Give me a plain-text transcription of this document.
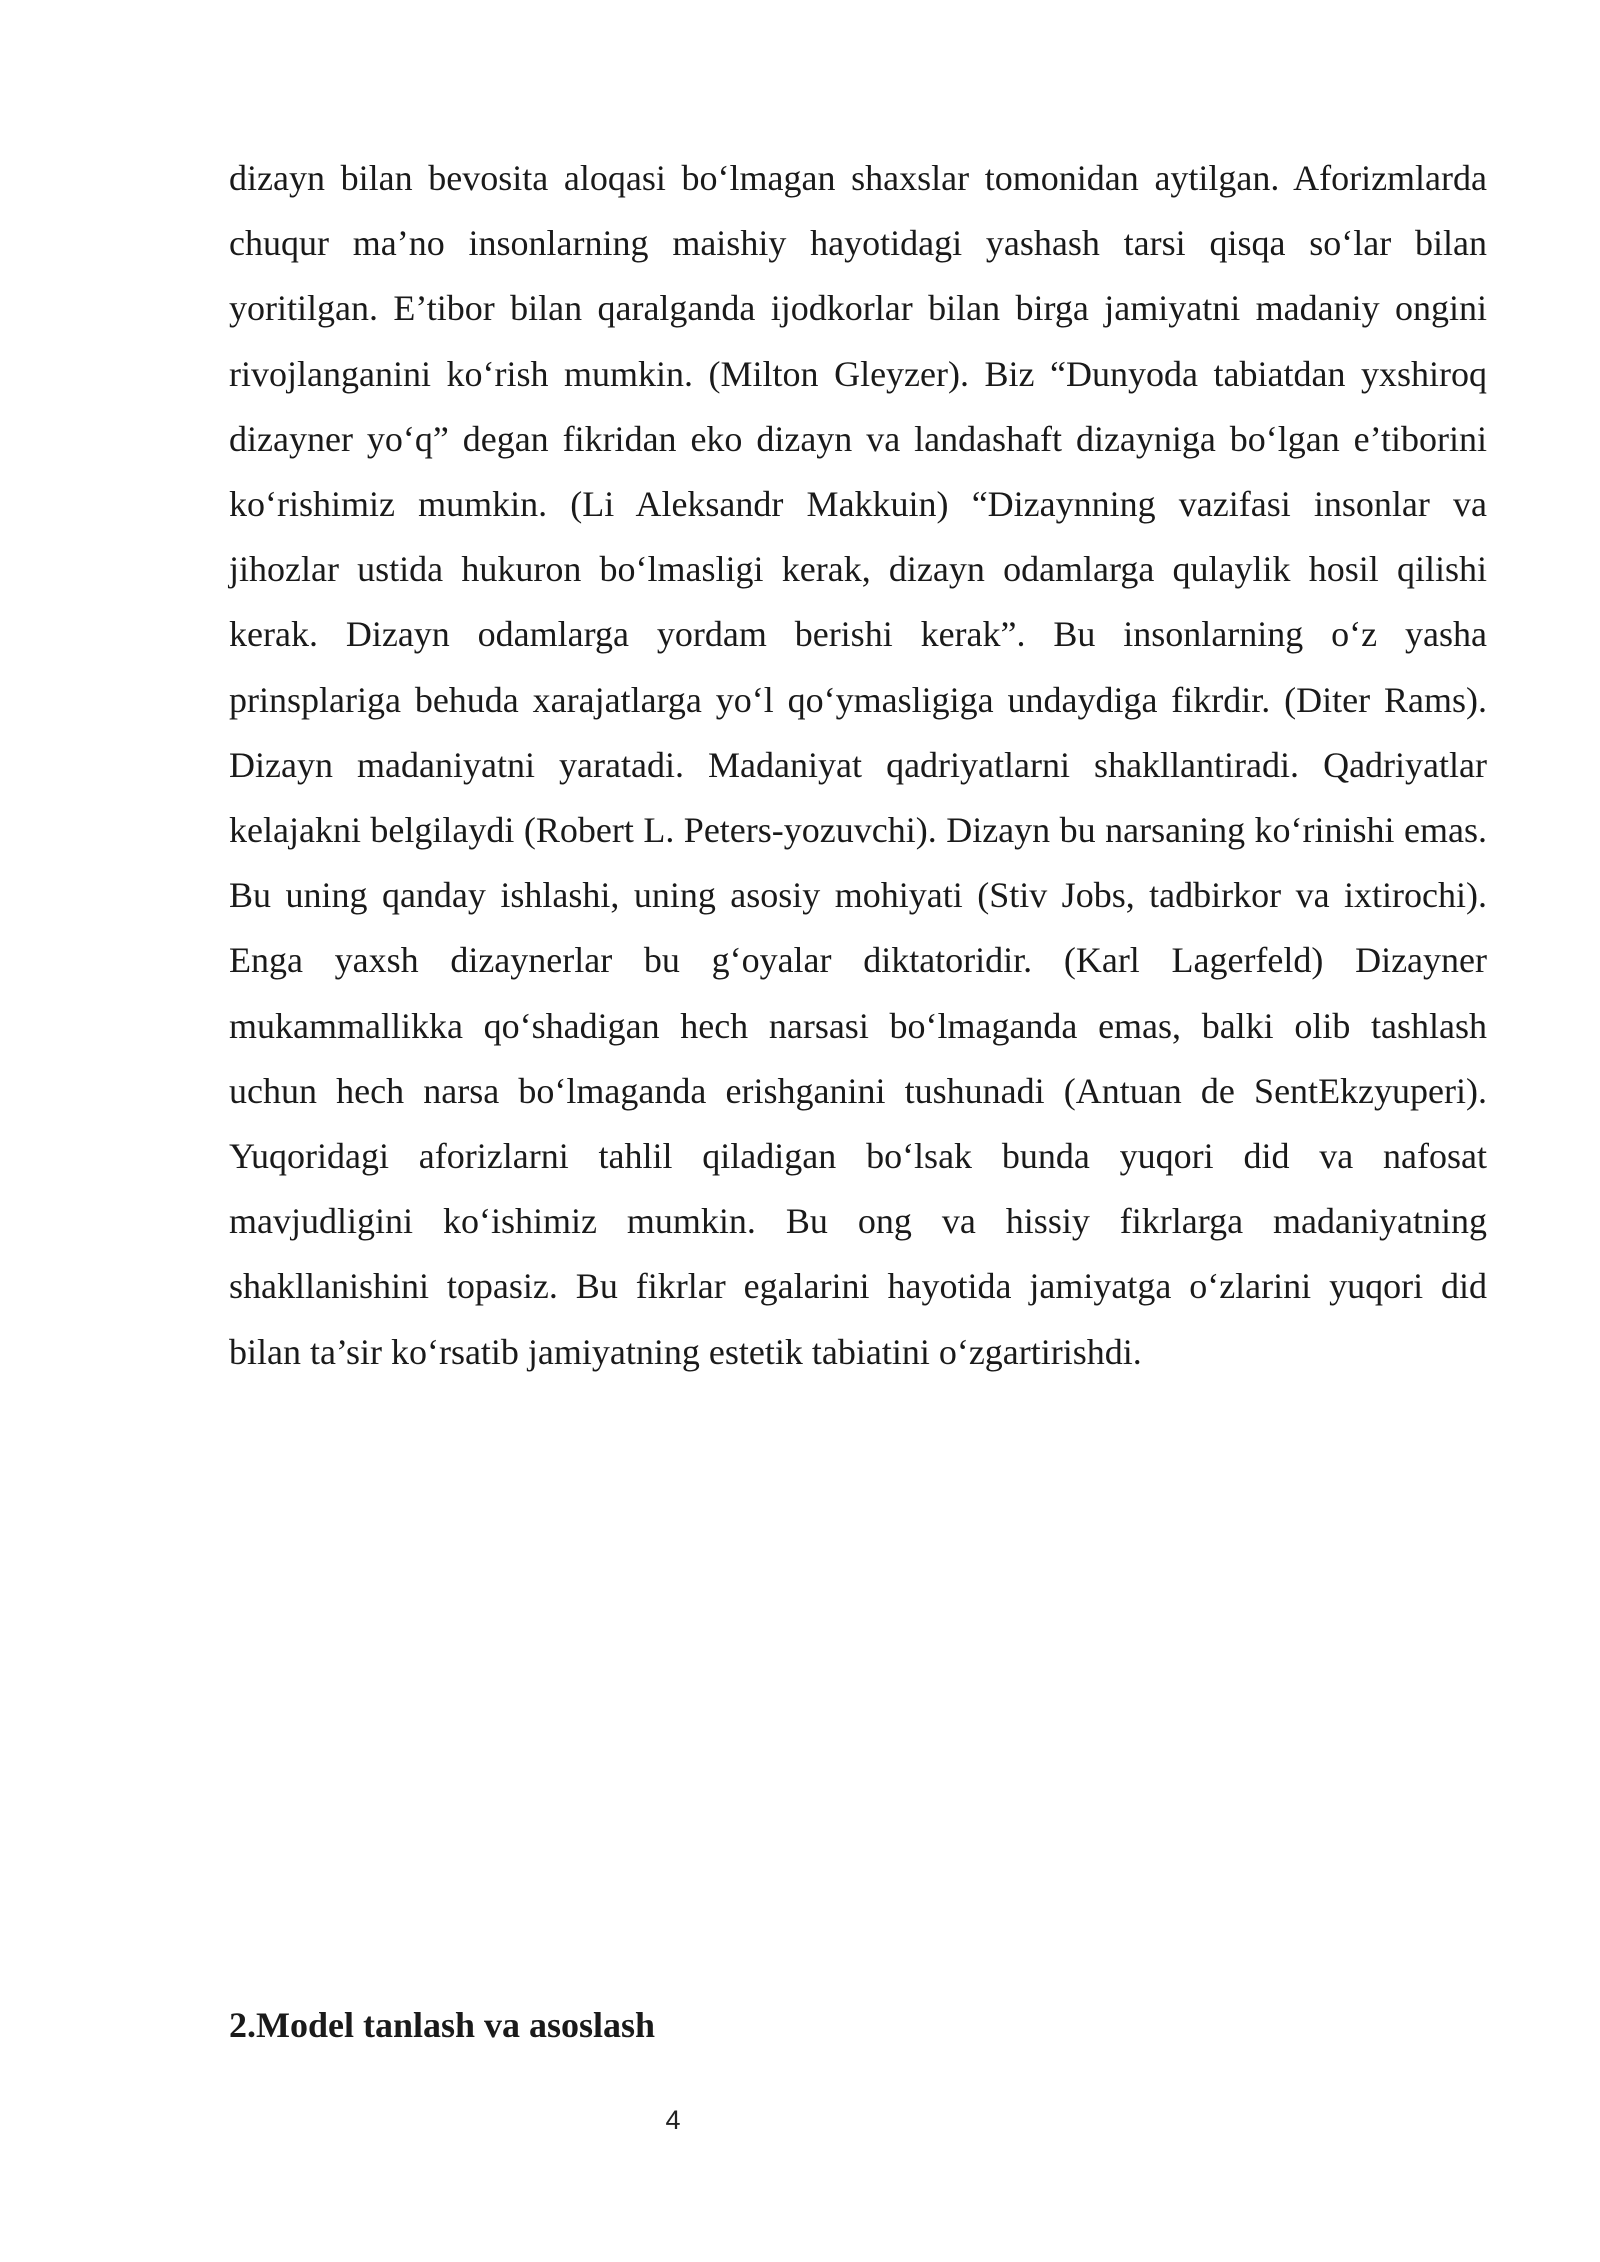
dizayn bilan bevosita aloqasi bo‘lmagan shaxslar tomonidan aytilgan. Aforizmlarda chuqur ma’no insonlarning maishiy hayotidagi yashash tarsi qisqa so‘lar bilan yoritilgan. E’tibor bilan qaralganda ijodkorlar bilan birga jamiyatni madaniy ongini rivojlanganini ko‘rish mumkin. (Milton Gleyzer). Biz “Dunyoda tabiatdan yxshiroq dizayner yo‘q” degan fikridan eko dizayn va landashaft dizayniga bo‘lgan e’tiborini ko‘rishimiz mumkin. (Li Aleksandr Makkuin) “Dizaynning vazifasi insonlar va jihozlar ustida hukuron bo‘lmasligi kerak, dizayn odamlarga qulaylik hosil qilishi kerak. Dizayn odamlarga yordam berishi kerak”. Bu insonlarning o‘z yasha prinsplariga behuda xarajatlarga yo‘l qo‘ymasligiga undaydiga fikrdir. (Diter Rams). Dizayn madaniyatni yaratadi. Madaniyat qadriyatlarni shakllantiradi. Qadriyatlar kelajakni belgilaydi (Robert L. Peters-yozuvchi). Dizayn bu narsaning ko‘rinishi emas. Bu uning qanday ishlashi, uning asosiy mohiyati (Stiv Jobs, tadbirkor va ixtirochi). Enga yaxsh dizaynerlar bu g‘oyalar diktatoridir. (Karl Lagerfeld) Dizayner mukammallikka qo‘shadigan hech narsasi bo‘lmaganda emas, balki olib tashlash uchun hech narsa bo‘lmaganda erishganini tushunadi (Antuan de SentEkzyuperi). Yuqoridagi aforizlarni tahlil qiladigan bo‘lsak bunda yuqori did va nafosat mavjudligini ko‘ishimiz mumkin. Bu ong va hissiy fikrlarga madaniyatning shakllanishini topasiz. Bu fikrlar egalarini hayotida jamiyatga o‘zlarini yuqori did bilan ta’sir ko‘rsatib jamiyatning estetik tabiatini o‘zgartirishdi.

2.Model tanlash va asoslash
4
